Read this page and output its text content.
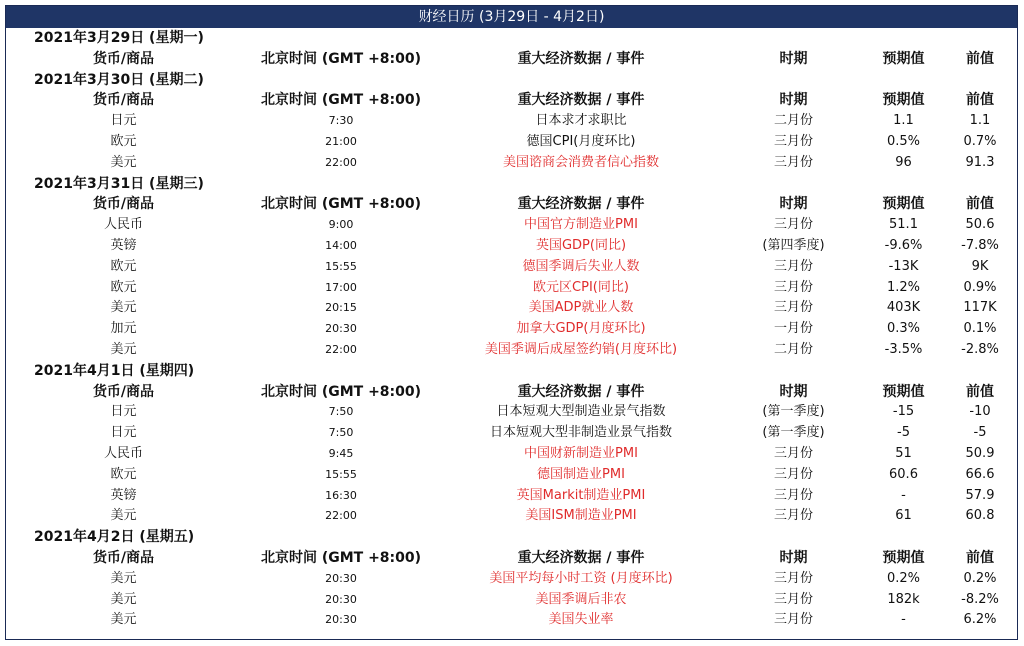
财经日历 (3月29日 - 4月2日)
2021年3月29日 (星期一)
货币/商品	北京时间 (GMT +8:00)	重大经济数据 / 事件	时期	预期值	前值
2021年3月30日 (星期二)
货币/商品	北京时间 (GMT +8:00)	重大经济数据 / 事件	时期	预期值	前值
日元	7:30	日本求才求职比	二月份	1.1	1.1
欧元	21:00	德国CPI(月度环比)	三月份	0.5%	0.7%
美元	22:00	美国谘商会消费者信心指数	三月份	96	91.3
2021年3月31日 (星期三)
货币/商品	北京时间 (GMT +8:00)	重大经济数据 / 事件	时期	预期值	前值
人民币	9:00	中国官方制造业PMI	三月份	51.1	50.6
英镑	14:00	英国GDP(同比)	(第四季度)	-9.6%	-7.8%
欧元	15:55	德国季调后失业人数	三月份	-13K	9K
欧元	17:00	欧元区CPI(同比)	三月份	1.2%	0.9%
美元	20:15	美国ADP就业人数	三月份	403K	117K
加元	20:30	加拿大GDP(月度环比)	一月份	0.3%	0.1%
美元	22:00	美国季调后成屋签约销(月度环比)	二月份	-3.5%	-2.8%
2021年4月1日 (星期四)
货币/商品	北京时间 (GMT +8:00)	重大经济数据 / 事件	时期	预期值	前值
日元	7:50	日本短观大型制造业景气指数	(第一季度)	-15	-10
日元	7:50	日本短观大型非制造业景气指数	(第一季度)	-5	-5
人民币	9:45	中国财新制造业PMI	三月份	51	50.9
欧元	15:55	德国制造业PMI	三月份	60.6	66.6
英镑	16:30	英国Markit制造业PMI	三月份	-	57.9
美元	22:00	美国ISM制造业PMI	三月份	61	60.8
2021年4月2日 (星期五)
货币/商品	北京时间 (GMT +8:00)	重大经济数据 / 事件	时期	预期值	前值
美元	20:30	美国平均每小时工资 (月度环比)	三月份	0.2%	0.2%
美元	20:30	美国季调后非农	三月份	182k	-8.2%
美元	20:30	美国失业率	三月份	-	6.2%
